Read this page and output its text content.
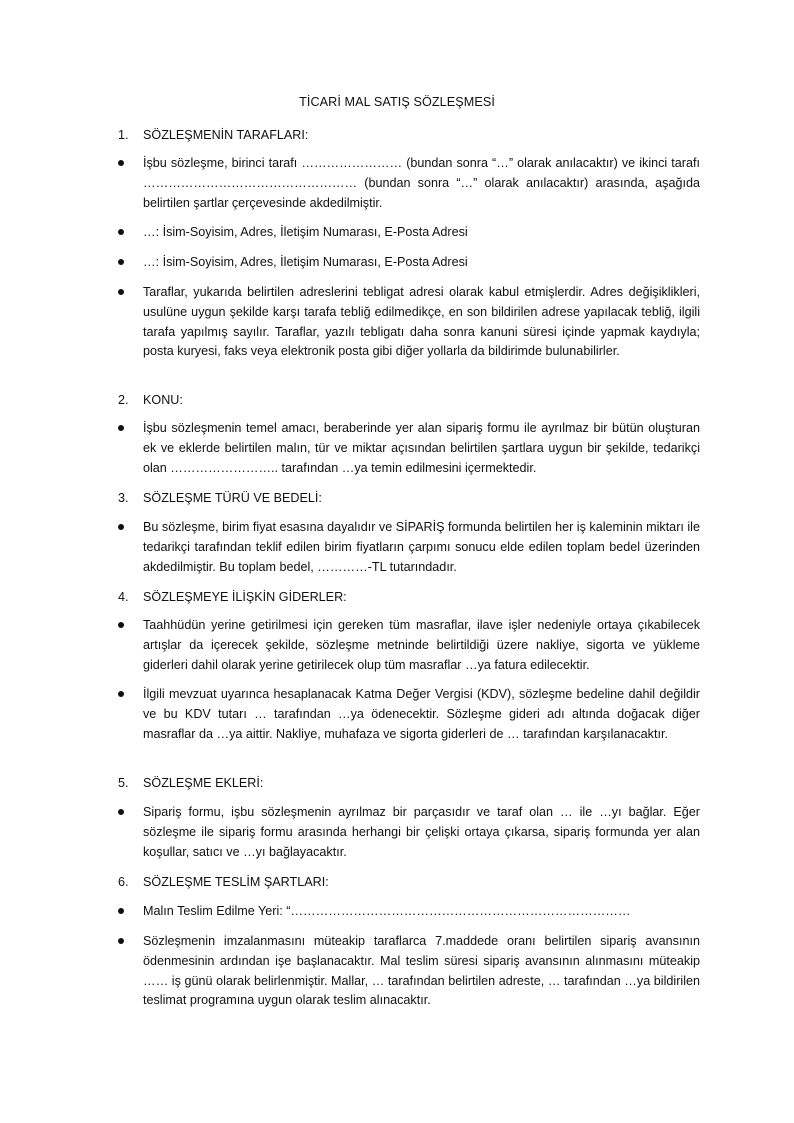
TİCARİ MAL SATIŞ SÖZLEŞMESİ
1. SÖZLEŞMENİN TARAFLARI:
İşbu sözleşme, birinci tarafı …………………… (bundan sonra “…” olarak anılacaktır) ve ikinci tarafı …………………………………………… (bundan sonra “…” olarak anılacaktır) arasında, aşağıda belirtilen şartlar çerçevesinde akdedilmiştir.
…: İsim-Soyisim, Adres, İletişim Numarası, E-Posta Adresi
…: İsim-Soyisim, Adres, İletişim Numarası, E-Posta Adresi
Taraflar, yukarıda belirtilen adreslerini tebligat adresi olarak kabul etmişlerdir. Adres değişiklikleri, usulüne uygun şekilde karşı tarafa tebliğ edilmedikçe, en son bildirilen adrese yapılacak tebliğ, ilgili tarafa yapılmış sayılır. Taraflar, yazılı tebligatı daha sonra kanuni süresi içinde yapmak kaydıyla; posta kuryesi, faks veya elektronik posta gibi diğer yollarla da bildirimde bulunabilirler.
2. KONU:
İşbu sözleşmenin temel amacı, beraberinde yer alan sipariş formu ile ayrılmaz bir bütün oluşturan ek ve eklerde belirtilen malın, tür ve miktar açısından belirtilen şartlara uygun bir şekilde, tedarikçi olan …………………….. tarafından …ya temin edilmesini içermektedir.
3. SÖZLEŞME TÜRÜ VE BEDELİ:
Bu sözleşme, birim fiyat esasına dayalıdır ve SİPARİŞ formunda belirtilen her iş kaleminin miktarı ile tedarikçi tarafından teklif edilen birim fiyatların çarpımı sonucu elde edilen toplam bedel üzerinden akdedilmiştir. Bu toplam bedel, …………-TL tutarındadır.
4. SÖZLEŞMEYE İLİŞKİN GİDERLER:
Taahhüdün yerine getirilmesi için gereken tüm masraflar, ilave işler nedeniyle ortaya çıkabilecek artışlar da içerecek şekilde, sözleşme metninde belirtildiği üzere nakliye, sigorta ve yükleme giderleri dahil olarak yerine getirilecek olup tüm masraflar …ya fatura edilecektir.
İlgili mevzuat uyarınca hesaplanacak Katma Değer Vergisi (KDV), sözleşme bedeline dahil değildir ve bu KDV tutarı … tarafından …ya ödenecektir. Sözleşme gideri adı altında doğacak diğer masraflar da …ya aittir. Nakliye, muhafaza ve sigorta giderleri de … tarafından karşılanacaktır.
5. SÖZLEŞME EKLERİ:
Sipariş formu, işbu sözleşmenin ayrılmaz bir parçasıdır ve taraf olan … ile …yı bağlar. Eğer sözleşme ile sipariş formu arasında herhangi bir çelişki ortaya çıkarsa, sipariş formunda yer alan koşullar, satıcı ve …yı bağlayacaktır.
6. SÖZLEŞME TESLİM ŞARTLARI:
Malın Teslim Edilme Yeri: “………………………………………………………………………
Sözleşmenin imzalanmasını müteakip taraflarca 7.maddede oranı belirtilen sipariş avansının ödenmesinin ardından işe başlanacaktır. Mal teslim süresi sipariş avansının alınmasını müteakip …… iş günü olarak belirlenmiştir. Mallar, … tarafından belirtilen adreste, … tarafından …ya bildirilen teslimat programına uygun olarak teslim alınacaktır.
